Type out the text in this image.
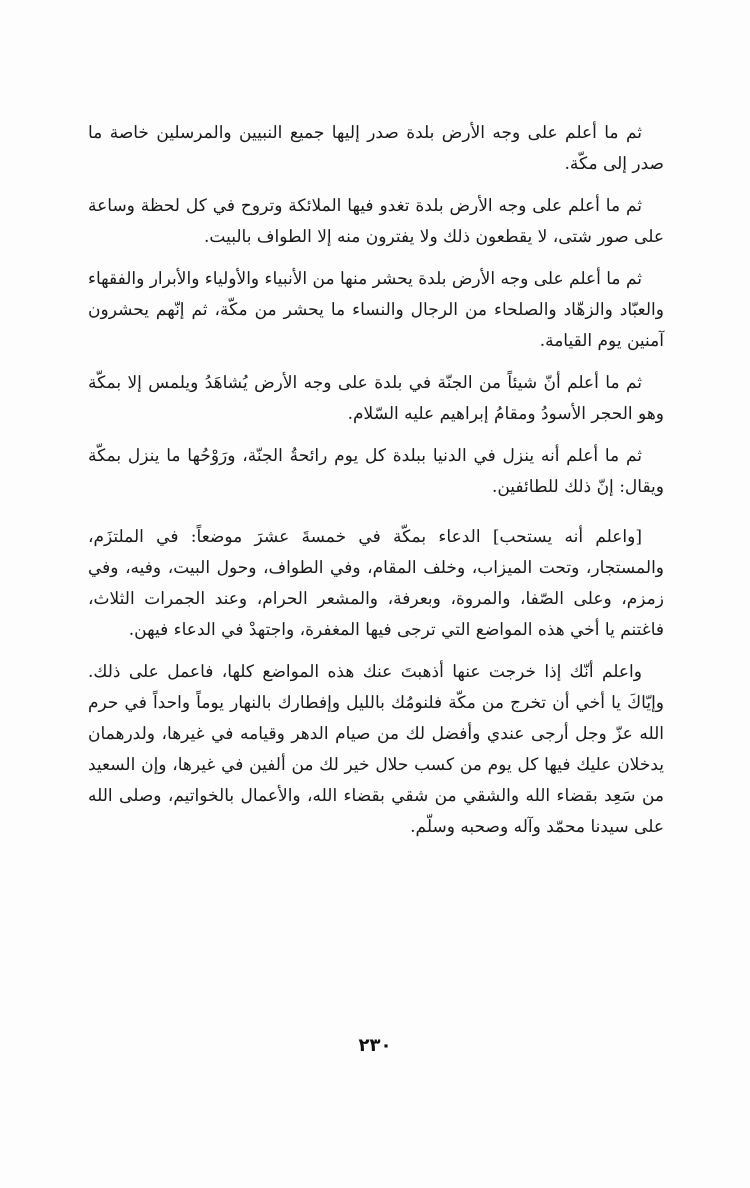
ثم ما أعلم على وجه الأرض بلدة صدر إليها جميع النبيين والمرسلين خاصة ما صدر إلى مكّة.

ثم ما أعلم على وجه الأرض بلدة تغدو فيها الملائكة وتروح في كل لحظة وساعة على صور شتى، لا يقطعون ذلك ولا يفترون منه إلا الطواف بالبيت.

ثم ما أعلم على وجه الأرض بلدة يحشر منها من الأنبياء والأولياء والأبرار والفقهاء والعبّاد والزهّاد والصلحاء من الرجال والنساء ما يحشر من مكّة، ثم إنّهم يحشرون آمنين يوم القيامة.

ثم ما أعلم أنّ شيئاً من الجنّة في بلدة على وجه الأرض يُشاهَدُ ويلمس إلا بمكّة وهو الحجر الأسودُ ومقامُ إبراهيم عليه السّلام.

ثم ما أعلم أنه ينزل في الدنيا ببلدة كل يوم رائحةُ الجنّة، ورَوْحُها ما ينزل بمكّة ويقال: إنّ ذلك للطائفين.

[واعلم أنه يستحب] الدعاء بمكّة في خمسةَ عشرَ موضعاً: في الملتزَم، والمستجار، وتحت الميزاب، وخلف المقام، وفي الطواف، وحول البيت، وفيه، وفي زمزم، وعلى الصّفا، والمروة، وبعرفة، والمشعر الحرام، وعند الجمرات الثلاث، فاغتنم يا أخي هذه المواضع التي ترجى فيها المغفرة، واجتهدْ في الدعاء فيهن.

واعلم أنّك إذا خرجت عنها أذهبتَ عنك هذه المواضع كلها، فاعمل على ذلك. وإيّاكَ يا أخي أن تخرج من مكّة فلنومُك بالليل وإفطارك بالنهار يوماً واحداً في حرم الله عزّ وجل أرجى عندي وأفضل لك من صيام الدهر وقيامه في غيرها، ولدرهمان يدخلان عليك فيها كل يوم من كسب حلال خير لك من ألفين في غيرها، وإن السعيد من سَعِد بقضاء الله والشقي من شقي بقضاء الله، والأعمال بالخواتيم، وصلى الله على سيدنا محمّد وآله وصحبه وسلّم.

٢٣٠
